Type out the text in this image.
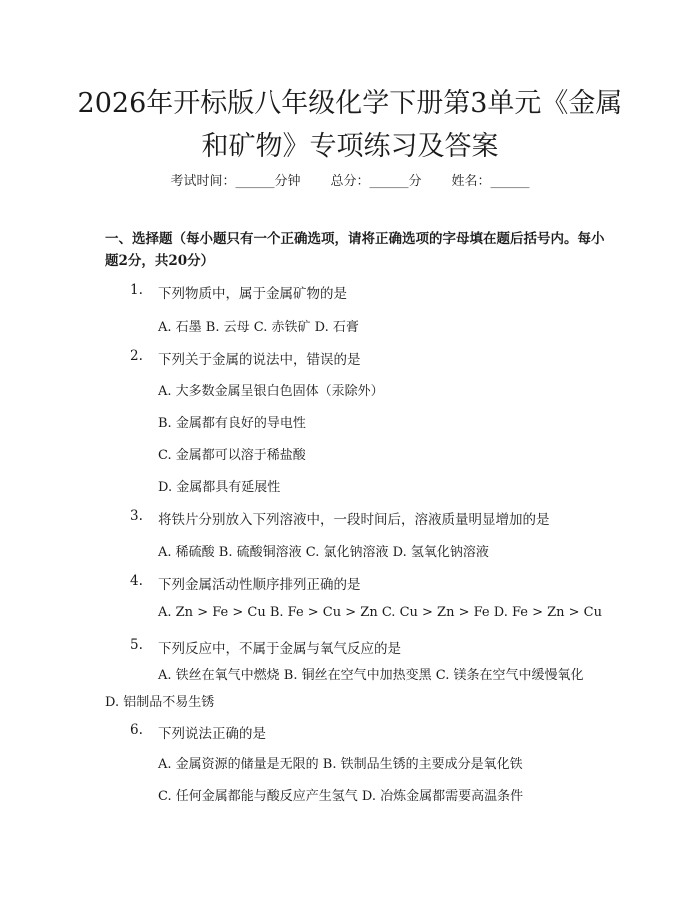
2026年开标版八年级化学下册第3单元《金属和矿物》专项练习及答案
考试时间：______分钟 总分：______分 姓名：______

一、选择题（每小题只有一个正确选项，请将正确选项的字母填在题后括号内。每小题2分，共20分）

1. 下列物质中，属于金属矿物的是
A. 石墨 B. 云母 C. 赤铁矿 D. 石膏
2. 下列关于金属的说法中，错误的是
A. 大多数金属呈银白色固体（汞除外）
B. 金属都有良好的导电性
C. 金属都可以溶于稀盐酸
D. 金属都具有延展性
3. 将铁片分别放入下列溶液中，一段时间后，溶液质量明显增加的是
A. 稀硫酸 B. 硫酸铜溶液 C. 氯化钠溶液 D. 氢氧化钠溶液
4. 下列金属活动性顺序排列正确的是
A. Zn > Fe > Cu B. Fe > Cu > Zn C. Cu > Zn > Fe D. Fe > Zn > Cu
5. 下列反应中，不属于金属与氧气反应的是
A. 铁丝在氧气中燃烧 B. 铜丝在空气中加热变黑 C. 镁条在空气中缓慢氧化 D. 铝制品不易生锈
6. 下列说法正确的是
A. 金属资源的储量是无限的 B. 铁制品生锈的主要成分是氧化铁
C. 任何金属都能与酸反应产生氢气 D. 冶炼金属都需要高温条件
